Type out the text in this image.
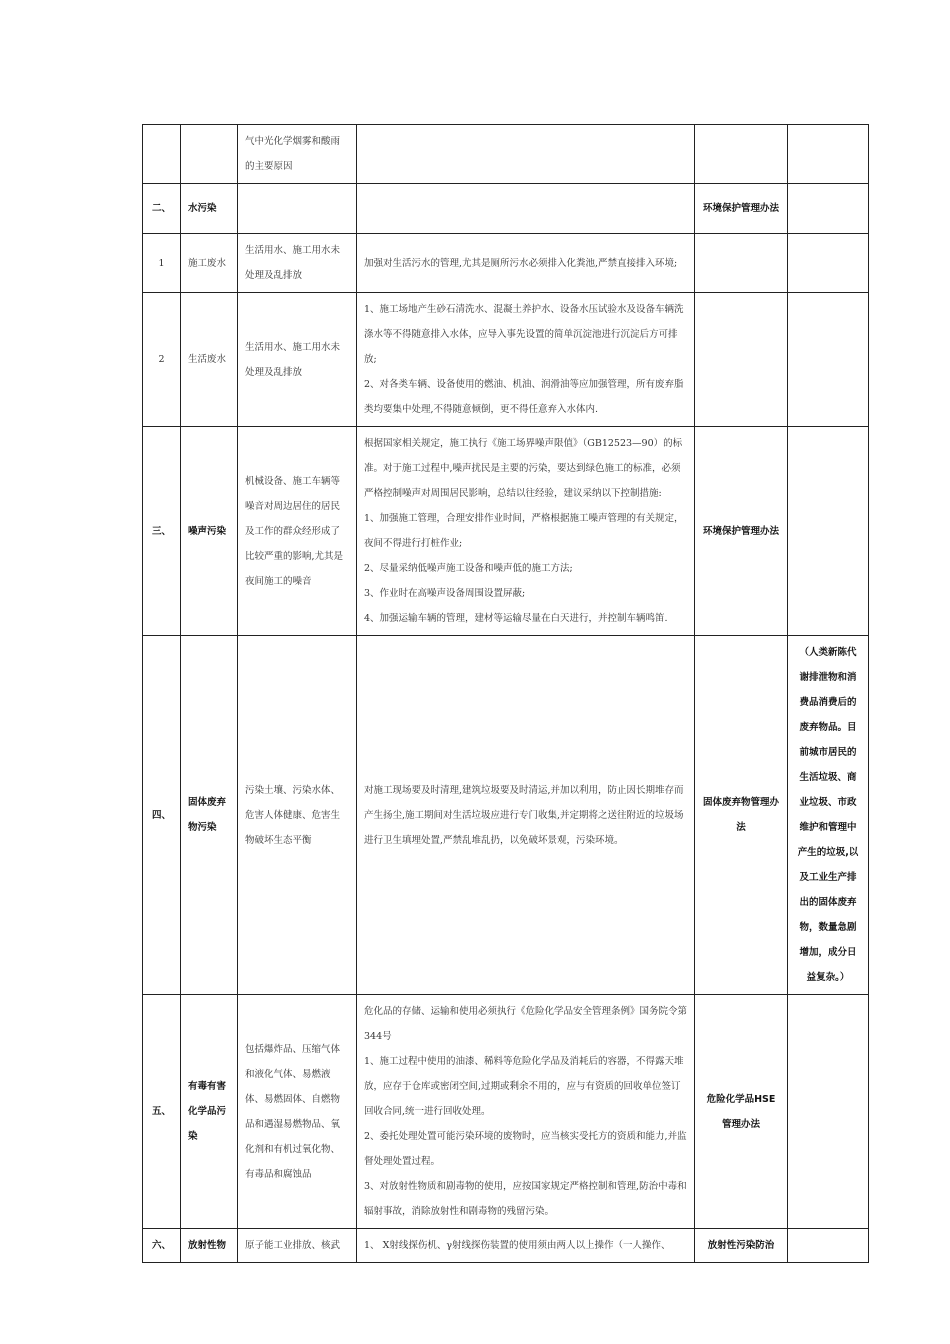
		气中光化学烟雾和酸雨的主要原因			
二、	水污染			环境保护管理办法	
1	施工废水	生活用水、施工用水未处理及乱排放	加强对生活污水的管理,尤其是厕所污水必须排入化粪池,严禁直接排入环境;		

2	生活废水	生活用水、施工用水未处理及乱排放	1、施工场地产生砂石清洗水、混凝土养护水、设备水压试验水及设备车辆洗涤水等不得随意排入水体，应导入事先设置的简单沉淀池进行沉淀后方可排放;

2、对各类车辆、设备使用的燃油、机油、润滑油等应加强管理，所有废弃脂类均要集中处理,不得随意倾倒，更不得任意弃入水体内.		

三、	噪声污染	机械设备、施工车辆等噪音对周边居住的居民及工作的群众经形成了比较严重的影响,尤其是夜间施工的噪音	根据国家相关规定，施工执行《施工场界噪声限值》（GB12523—90）的标准。对于施工过程中,噪声扰民是主要的污染，要达到绿色施工的标准，必须严格控制噪声对周围居民影响，总结以往经验，建议采纳以下控制措施:

1、加强施工管理，合理安排作业时间，严格根据施工噪声管理的有关规定，夜间不得进行打桩作业;

2、尽量采纳低噪声施工设备和噪声低的施工方法;

3、作业时在高噪声设备周围设置屏蔽;

4、加强运输车辆的管理，建材等运输尽量在白天进行，并控制车辆鸣笛.	环境保护管理办法	
四、	固体废弃物污染	污染土壤、污染水体、危害人体健康、危害生物破坏生态平衡	对施工现场要及时清理,建筑垃圾要及时清运,并加以利用，防止因长期堆存而产生扬尘,施工期间对生活垃圾应进行专门收集,并定期将之送往附近的垃圾场进行卫生填埋处置,严禁乱堆乱扔，以免破坏景观，污染环境。	固体废弃物管理办法	（人类新陈代谢排泄物和消费品消费后的废弃物品。目前城市居民的生活垃圾、商业垃圾、市政维护和管理中产生的垃圾,以及工业生产排出的固体废弃物，数量急剧增加，成分日益复杂。）
五、	有毒有害化学品污染	包括爆炸品、压缩气体和液化气体、易燃液体、易燃固体、自燃物品和遇湿易燃物品、氧化剂和有机过氧化物、有毒品和腐蚀品	危化品的存储、运输和使用必须执行《危险化学品安全管理条例》国务院令第344号

1、施工过程中使用的油漆、稀料等危险化学品及消耗后的容器，不得露天堆放，应存于仓库或密闭空间,过期或剩余不用的，应与有资质的回收单位签订回收合同,统一进行回收处理。

2、委托处理处置可能污染环境的废物时，应当核实受托方的资质和能力,并监督处理处置过程。

3、对放射性物质和剧毒物的使用，应按国家规定严格控制和管理,防治中毒和辐射事故，消除放射性和剧毒物的残留污染。	危险化学品HSE管理办法	
六、	放射性物	原子能工业排放、核武	1、 X射线探伤机、γ射线探伤装置的使用须由两人以上操作（一人操作、	放射性污染防治	
